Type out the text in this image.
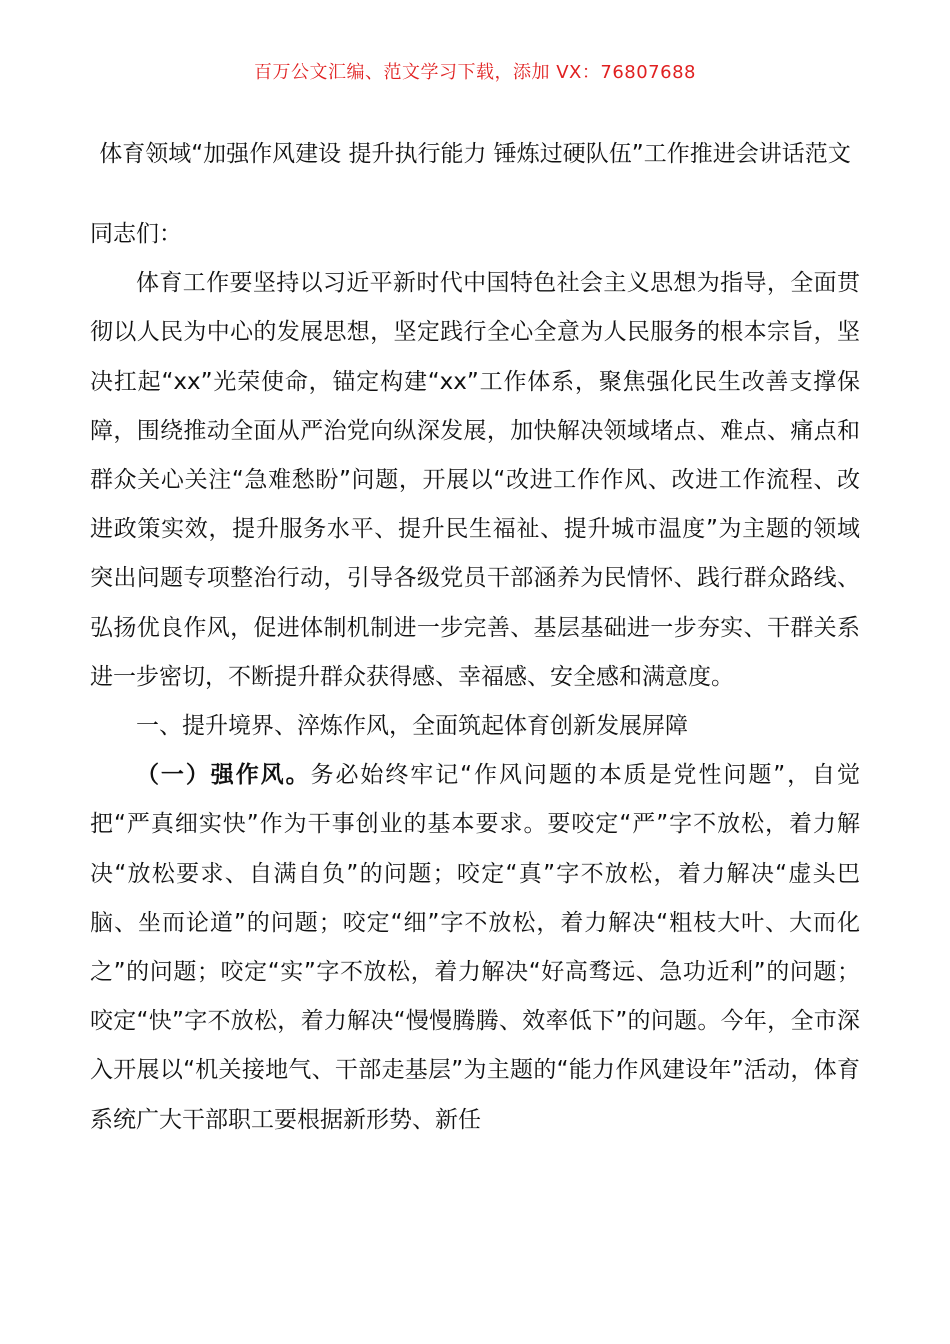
百万公文汇编、范文学习下载，添加 VX：76807688
体育领域“加强作风建设 提升执行能力 锤炼过硬队伍”工作推进会讲话范文

同志们：

体育工作要坚持以习近平新时代中国特色社会主义思想为指导，全面贯彻以人民为中心的发展思想，坚定践行全心全意为人民服务的根本宗旨，坚决扛起“xx”光荣使命，锚定构建“xx”工作体系，聚焦强化民生改善支撑保障，围绕推动全面从严治党向纵深发展，加快解决领域堵点、难点、痛点和群众关心关注“急难愁盼”问题，开展以“改进工作作风、改进工作流程、改进政策实效，提升服务水平、提升民生福祉、提升城市温度”为主题的领域突出问题专项整治行动，引导各级党员干部涵养为民情怀、践行群众路线、弘扬优良作风，促进体制机制进一步完善、基层基础进一步夯实、干群关系进一步密切，不断提升群众获得感、幸福感、安全感和满意度。

一、提升境界、淬炼作风，全面筑起体育创新发展屏障

（一）强作风。务必始终牢记“作风问题的本质是党性问题”，自觉把“严真细实快”作为干事创业的基本要求。要咬定“严”字不放松，着力解决“放松要求、自满自负”的问题；咬定“真”字不放松，着力解决“虚头巴脑、坐而论道”的问题；咬定“细”字不放松，着力解决“粗枝大叶、大而化之”的问题；咬定“实”字不放松，着力解决“好高骛远、急功近利”的问题；咬定“快”字不放松，着力解决“慢慢腾腾、效率低下”的问题。今年，全市深入开展以“机关接地气、干部走基层”为主题的“能力作风建设年”活动，体育系统广大干部职工要根据新形势、新任
